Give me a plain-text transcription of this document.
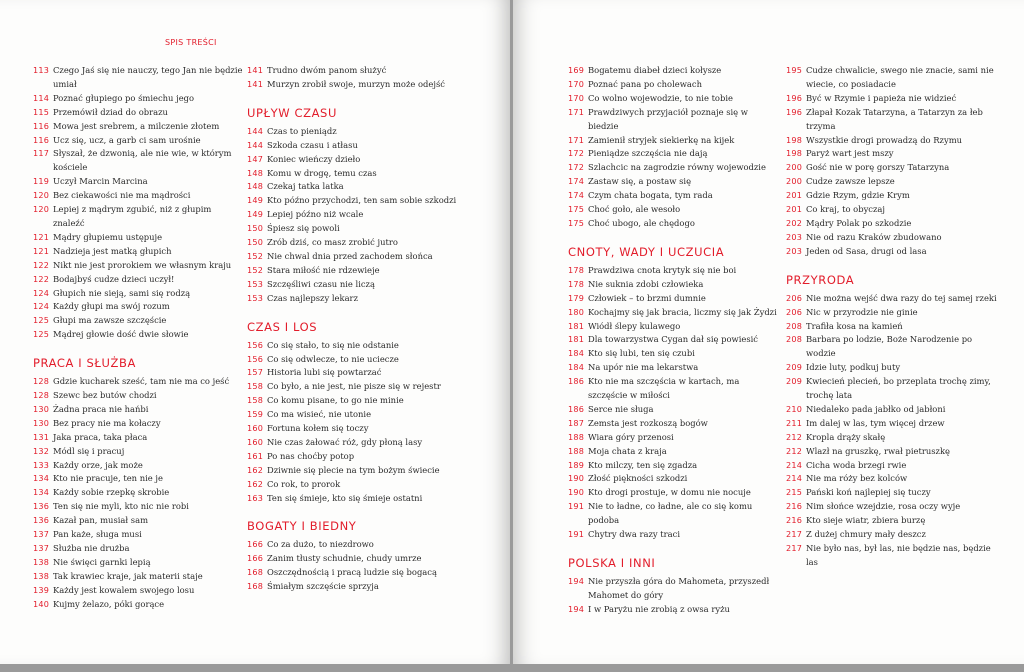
SPIS TREŚCI
113 Czego Jaś się nie nauczy, tego Jan nie będzie umiał
114 Poznać głupiego po śmiechu jego
115 Przemówił dziad do obrazu
116 Mowa jest srebrem, a milczenie złotem
116 Ucz się, ucz, a garb ci sam urośnie
117 Słyszał, że dzwonią, ale nie wie, w którym kościele
119 Uczył Marcin Marcina
120 Bez ciekawości nie ma mądrości
120 Lepiej z mądrym zgubić, niż z głupim znaleźć
121 Mądry głupiemu ustępuje
121 Nadzieja jest matką głupich
122 Nikt nie jest prorokiem we własnym kraju
122 Bodajbyś cudze dzieci uczył!
124 Głupich nie sieją, sami się rodzą
124 Każdy głupi ma swój rozum
125 Głupi ma zawsze szczęście
125 Mądrej głowie dość dwie słowie
PRACA I SŁUŻBA
128 Gdzie kucharek sześć, tam nie ma co jeść
128 Szewc bez butów chodzi
130 Żadna praca nie hańbi
130 Bez pracy nie ma kołaczy
131 Jaka praca, taka płaca
132 Módl się i pracuj
133 Każdy orze, jak może
134 Kto nie pracuje, ten nie je
134 Każdy sobie rzepkę skrobie
136 Ten się nie myli, kto nic nie robi
136 Kazał pan, musiał sam
137 Pan każe, sługa musi
137 Służba nie drużba
138 Nie święci garnki lepią
138 Tak krawiec kraje, jak materii staje
139 Każdy jest kowalem swojego losu
140 Kujmy żelazo, póki gorące
141 Trudno dwóm panom służyć
141 Murzyn zrobił swoje, murzyn może odejść
UPŁYW CZASU
144 Czas to pieniądz
144 Szkoda czasu i atłasu
147 Koniec wieńczy dzieło
148 Komu w drogę, temu czas
148 Czekaj tatka latka
149 Kto późno przychodzi, ten sam sobie szkodzi
149 Lepiej późno niż wcale
150 Śpiesz się powoli
150 Zrób dziś, co masz zrobić jutro
152 Nie chwal dnia przed zachodem słońca
152 Stara miłość nie rdzewieje
153 Szczęśliwi czasu nie liczą
153 Czas najlepszy lekarz
CZAS I LOS
156 Co się stało, to się nie odstanie
156 Co się odwlecze, to nie uciecze
157 Historia lubi się powtarzać
158 Co było, a nie jest, nie pisze się w rejestr
158 Co komu pisane, to go nie minie
159 Co ma wisieć, nie utonie
160 Fortuna kołem się toczy
160 Nie czas żałować róż, gdy płoną lasy
161 Po nas choćby potop
162 Dziwnie się plecie na tym bożym świecie
162 Co rok, to prorok
163 Ten się śmieje, kto się śmieje ostatni
BOGATY I BIEDNY
166 Co za dużo, to niezdrowo
166 Zanim tłusty schudnie, chudy umrze
168 Oszczędnością i pracą ludzie się bogacą
168 Śmiałym szczęście sprzyja
169 Bogatemu diabeł dzieci kołysze
170 Poznać pana po cholewach
170 Co wolno wojewodzie, to nie tobie
171 Prawdziwych przyjaciół poznaje się w biedzie
171 Zamienił stryjek siekierkę na kijek
172 Pieniądze szczęścia nie dają
172 Szlachcic na zagrodzie równy wojewodzie
174 Zastaw się, a postaw się
174 Czym chata bogata, tym rada
175 Choć goło, ale wesoło
175 Choć ubogo, ale chędogo
CNOTY, WADY I UCZUCIA
178 Prawdziwa cnota krytyk się nie boi
178 Nie suknia zdobi człowieka
179 Człowiek – to brzmi dumnie
180 Kochajmy się jak bracia, liczmy się jak Żydzi
181 Wiódł ślepy kulawego
181 Dla towarzystwa Cygan dał się powiesić
184 Kto się lubi, ten się czubi
184 Na upór nie ma lekarstwa
186 Kto nie ma szczęścia w kartach, ma szczęście w miłości
186 Serce nie sługa
187 Zemsta jest rozkoszą bogów
188 Wiara góry przenosi
188 Moja chata z kraja
189 Kto milczy, ten się zgadza
190 Złość piękności szkodzi
190 Kto drogi prostuje, w domu nie nocuje
191 Nie to ładne, co ładne, ale co się komu podoba
191 Chytry dwa razy traci
POLSKA I INNI
194 Nie przyszła góra do Mahometa, przyszedł Mahomet do góry
194 I w Paryżu nie zrobią z owsa ryżu
195 Cudze chwalicie, swego nie znacie, sami nie wiecie, co posiadacie
196 Być w Rzymie i papieża nie widzieć
196 Złapał Kozak Tatarzyna, a Tatarzyn za łeb trzyma
198 Wszystkie drogi prowadzą do Rzymu
198 Paryż wart jest mszy
200 Gość nie w porę gorszy Tatarzyna
200 Cudze zawsze lepsze
201 Gdzie Rzym, gdzie Krym
201 Co kraj, to obyczaj
202 Mądry Polak po szkodzie
203 Nie od razu Kraków zbudowano
203 Jeden od Sasa, drugi od lasa
PRZYRODA
206 Nie można wejść dwa razy do tej samej rzeki
206 Nic w przyrodzie nie ginie
208 Trafiła kosa na kamień
208 Barbara po lodzie, Boże Narodzenie po wodzie
209 Idzie luty, podkuj buty
209 Kwiecień plecień, bo przeplata trochę zimy, trochę lata
210 Niedaleko pada jabłko od jabłoni
211 Im dalej w las, tym więcej drzew
212 Kropla drąży skałę
212 Wlazł na gruszkę, rwał pietruszkę
214 Cicha woda brzegi rwie
214 Nie ma róży bez kolców
215 Pański koń najlepiej się tuczy
216 Nim słońce wzejdzie, rosa oczy wyje
216 Kto sieje wiatr, zbiera burzę
217 Z dużej chmury mały deszcz
217 Nie było nas, był las, nie będzie nas, będzie las
